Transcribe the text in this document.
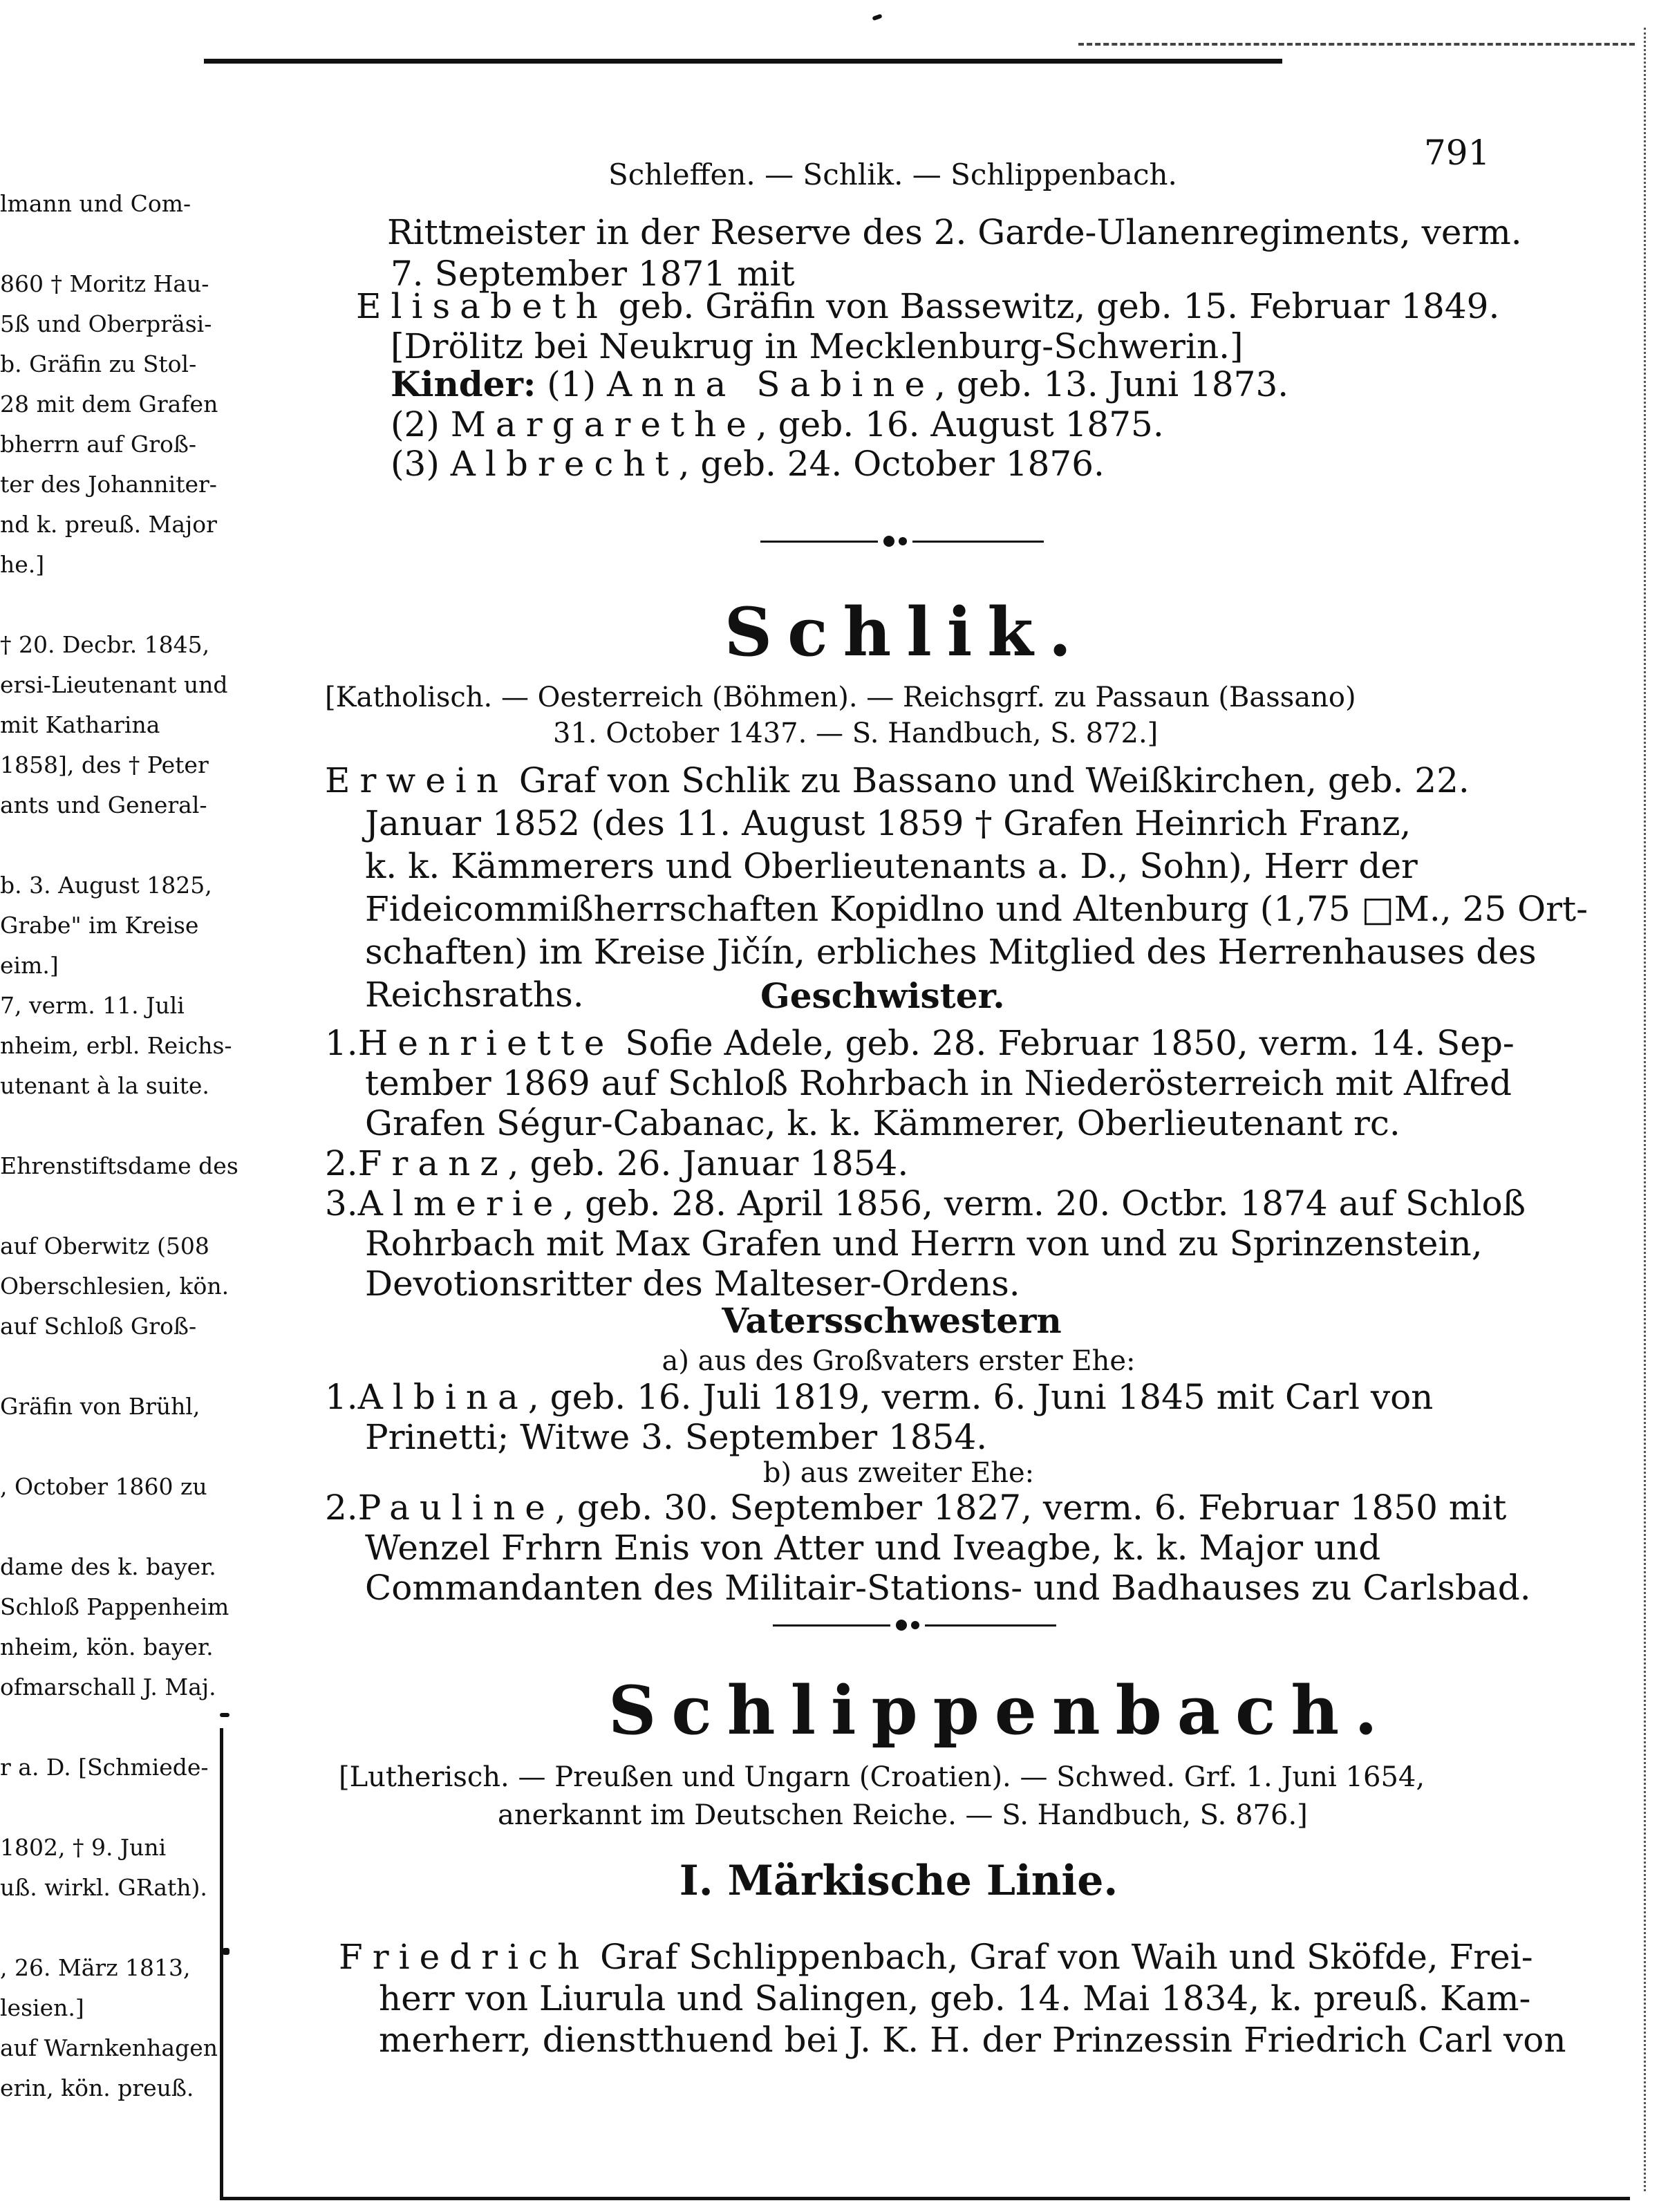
lmann und Com-
860 † Moritz Hau-
5ß und Oberpräsi-
b. Gräfin zu Stol-
28 mit dem Grafen
bherrn auf Groß-
ter des Johanniter-
nd k. preuß. Major
he.]
† 20. Decbr. 1845,
ersi-Lieutenant und
mit Katharina
1858], des † Peter
ants und General-
b. 3. August 1825,
Grabe" im Kreise
eim.]
7, verm. 11. Juli
nheim, erbl. Reichs-
utenant à la suite.
Ehrenstiftsdame des
auf Oberwitz (508
Oberschlesien, kön.
auf Schloß Groß-
Gräfin von Brühl,
, October 1860 zu
dame des k. bayer.
Schloß Pappenheim
nheim, kön. bayer.
ofmarschall J. Maj.
r a. D. [Schmiede-
1802, † 9. Juni
uß. wirkl. GRath).
, 26. März 1813,
lesien.]
auf Warnkenhagen
erin, kön. preuß.
Schleffen. — Schlik. — Schlippenbach.
791
Rittmeister in der Reserve des 2. Garde-Ulanenregiments, verm.
7. September 1871 mit
Elisabeth geb. Gräfin von Bassewitz, geb. 15. Februar 1849.
[Drölitz bei Neukrug in Mecklenburg-Schwerin.]
Kinder: (1) Anna Sabine, geb. 13. Juni 1873.
(2) Margarethe, geb. 16. August 1875.
(3) Albrecht, geb. 24. October 1876.
Schlik.
[Katholisch. — Oesterreich (Böhmen). — Reichsgrf. zu Passaun (Bassano)
31. October 1437. — S. Handbuch, S. 872.]
Erwein Graf von Schlik zu Bassano und Weißkirchen, geb. 22.
Januar 1852 (des 11. August 1859 † Grafen Heinrich Franz,
k. k. Kämmerers und Oberlieutenants a. D., Sohn), Herr der
Fideicommißherrschaften Kopidlno und Altenburg (1,75 □M., 25 Ort-
schaften) im Kreise Jičín, erbliches Mitglied des Herrenhauses des
Reichsraths.	Geschwister.
1.Henriette Sofie Adele, geb. 28. Februar 1850, verm. 14. Sep-
tember 1869 auf Schloß Rohrbach in Niederösterreich mit Alfred
Grafen Ségur-Cabanac, k. k. Kämmerer, Oberlieutenant rc.
2.Franz, geb. 26. Januar 1854.
3.Almerie, geb. 28. April 1856, verm. 20. Octbr. 1874 auf Schloß
Rohrbach mit Max Grafen und Herrn von und zu Sprinzenstein,
Devotionsritter des Malteser-Ordens.
Vatersschwestern
a) aus des Großvaters erster Ehe:
1.Albina, geb. 16. Juli 1819, verm. 6. Juni 1845 mit Carl von
Prinetti; Witwe 3. September 1854.
b) aus zweiter Ehe:
2.Pauline, geb. 30. September 1827, verm. 6. Februar 1850 mit
Wenzel Frhrn Enis von Atter und Iveagbe, k. k. Major und
Commandanten des Militair-Stations- und Badhauses zu Carlsbad.
Schlippenbach.
[Lutherisch. — Preußen und Ungarn (Croatien). — Schwed. Grf. 1. Juni 1654,
anerkannt im Deutschen Reiche. — S. Handbuch, S. 876.]
I. Märkische Linie.
Friedrich Graf Schlippenbach, Graf von Waih und Sköfde, Frei-
herr von Liurula und Salingen, geb. 14. Mai 1834, k. preuß. Kam-
merherr, dienstthuend bei J. K. H. der Prinzessin Friedrich Carl von
